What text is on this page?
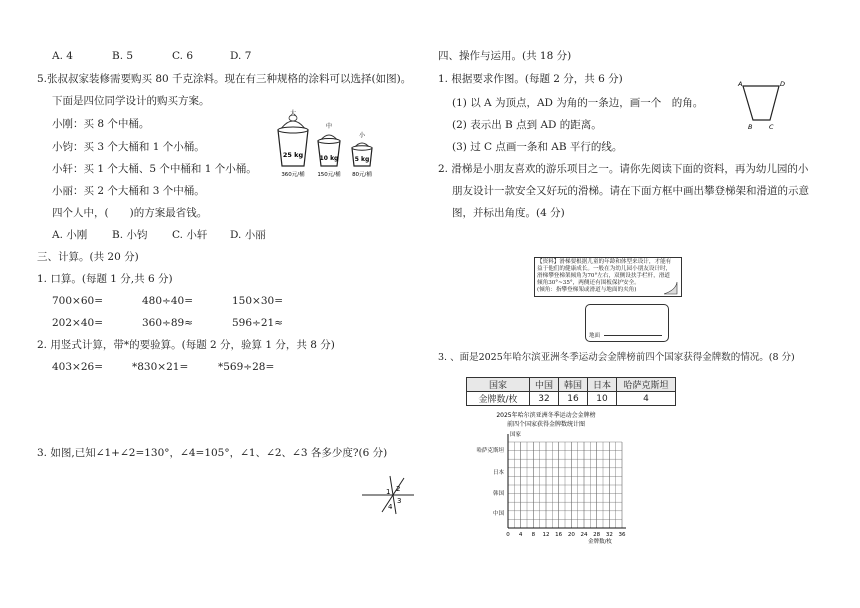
A. 4	B. 5	C. 6	D. 7
5.张叔叔家装修需要购买 80 千克涂料。现在有三种规格的涂料可以选择(如图)。
下面是四位同学设计的购买方案。
小刚：买 8 个中桶。
小钧：买 3 个大桶和 1 个小桶。
小轩：买 1 个大桶、5 个中桶和 1 个小桶。
小丽：买 2 个大桶和 3 个中桶。
四个人中，(　　)的方案最省钱。
A. 小刚 B. 小钧 C. 小轩 D. 小丽
大
25 kg
360元/桶
中
10 kg
150元/桶
小
5 kg
80元/桶
三、计算。(共 20 分)
1. 口算。(每题 1 分,共 6 分)
700×60=	480÷40=	150×30=
202×40=	360÷89≈	596÷21≈
2. 用竖式计算，带*的要验算。(每题 2 分，验算 1 分，共 8 分)
403×26=	*830×21=	*569÷28=
3. 如图,已知∠1+∠2=130°，∠4=105°，∠1、∠2、∠3 各多少度?(6 分)
1 2
3
4
四、操作与运用。(共 18 分)
1. 根据要求作图。(每题 2 分，共 6 分)
(1) 以 A 为顶点，AD 为角的一条边，画一个　的角。
(2) 表示出 B 点到 AD 的距离。
(3) 过 C 点画一条和 AB 平行的线。
A	D
B	C
2. 滑梯是小朋友喜欢的游乐项目之一。请你先阅读下面的资料，再为幼儿园的小
朋友设计一款安全又好玩的滑梯。请在下面方框中画出攀登梯架和滑道的示意
图，并标出角度。(4 分)

【资料】滑梯要根据儿童的年龄和体型来设计，才能有

益于他们的健康成长。一般在为幼儿园小朋友设计时，

滑梯攀登梯架倾角为70°左右，双侧设扶手栏杆，滑道

倾角30°~35°，两侧还有围板保护安全。

(倾角：指攀登梯架或滑道与地面的夹角)

地面
3. 、面是2025年哈尔滨亚洲冬季运动会金牌榜前四个国家获得金牌数的情况。(8 分)
国家	中国	韩国	日本	哈萨克斯坦
金牌数/枚	32	16	10	4
2025年哈尔滨亚洲冬季运动会金牌榜
前四个国家获得金牌数统计图
国家
金牌数/枚
哈萨克斯坦
日本
韩国
中国
0 4 8 12 16 20 24 28 32 36
